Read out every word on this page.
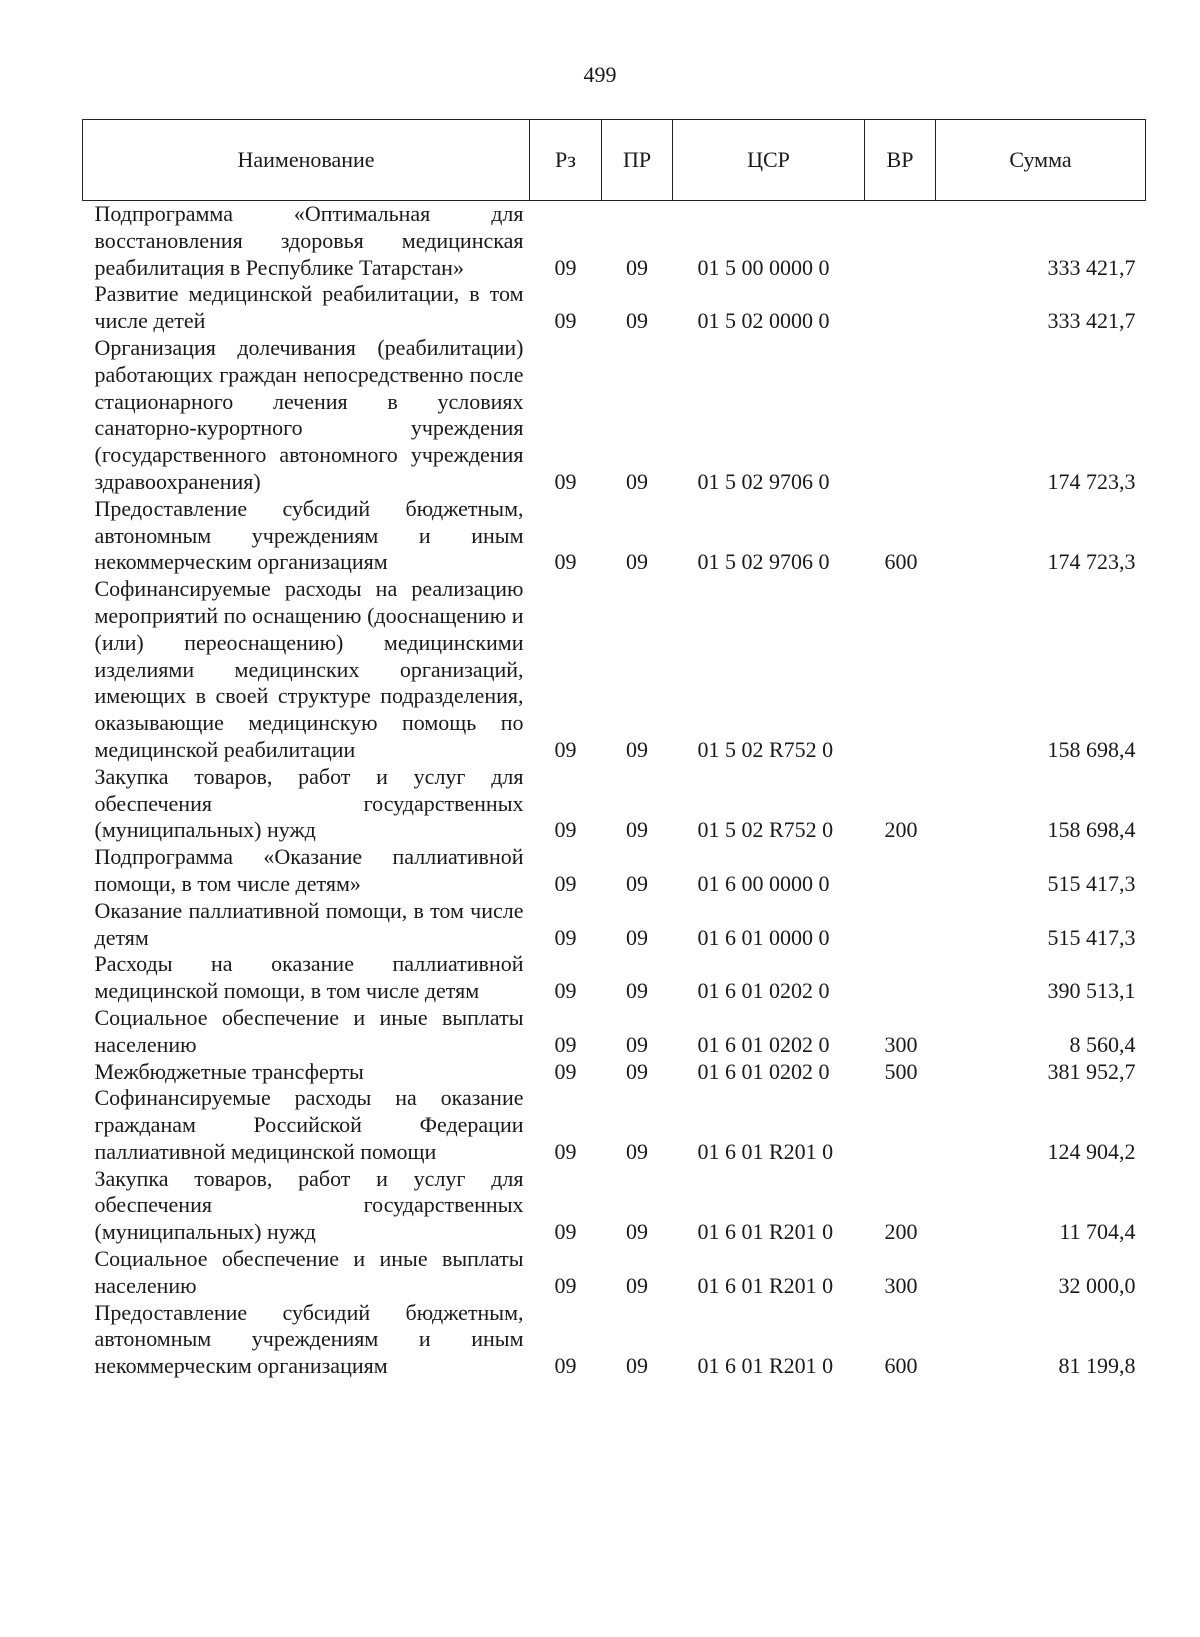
499
Наименование	Рз	ПР	ЦСР	ВР	Сумма
Подпрограмма «Оптимальная для восстановления здоровья медицинская реабилитация в Республике Татарстан»	09	09	01 5 00 0000 0		333 421,7
Развитие медицинской реабилитации, в том числе детей	09	09	01 5 02 0000 0		333 421,7
Организация долечивания (реабилитации) работающих граждан непосредственно после стационарного лечения в условиях санаторно-курортного учреждения (государственного автономного учреждения здравоохранения)	09	09	01 5 02 9706 0		174 723,3
Предоставление субсидий бюджетным, автономным учреждениям и иным некоммерческим организациям	09	09	01 5 02 9706 0	600	174 723,3
Софинансируемые расходы на реализацию мероприятий по оснащению (дооснащению и (или) переоснащению) медицинскими изделиями медицинских организаций, имеющих в своей структуре подразделения, оказывающие медицинскую помощь по медицинской реабилитации	09	09	01 5 02 R752 0		158 698,4
Закупка товаров, работ и услуг для обеспечения государственных (муниципальных) нужд	09	09	01 5 02 R752 0	200	158 698,4
Подпрограмма «Оказание паллиативной помощи, в том числе детям»	09	09	01 6 00 0000 0		515 417,3
Оказание паллиативной помощи, в том числе детям	09	09	01 6 01 0000 0		515 417,3
Расходы на оказание паллиативной медицинской помощи, в том числе детям	09	09	01 6 01 0202 0		390 513,1
Социальное обеспечение и иные выплаты населению	09	09	01 6 01 0202 0	300	8 560,4
Межбюджетные трансферты	09	09	01 6 01 0202 0	500	381 952,7
Софинансируемые расходы на оказание гражданам Российской Федерации паллиативной медицинской помощи	09	09	01 6 01 R201 0		124 904,2
Закупка товаров, работ и услуг для обеспечения государственных (муниципальных) нужд	09	09	01 6 01 R201 0	200	11 704,4
Социальное обеспечение и иные выплаты населению	09	09	01 6 01 R201 0	300	32 000,0
Предоставление субсидий бюджетным, автономным учреждениям и иным некоммерческим организациям	09	09	01 6 01 R201 0	600	81 199,8
